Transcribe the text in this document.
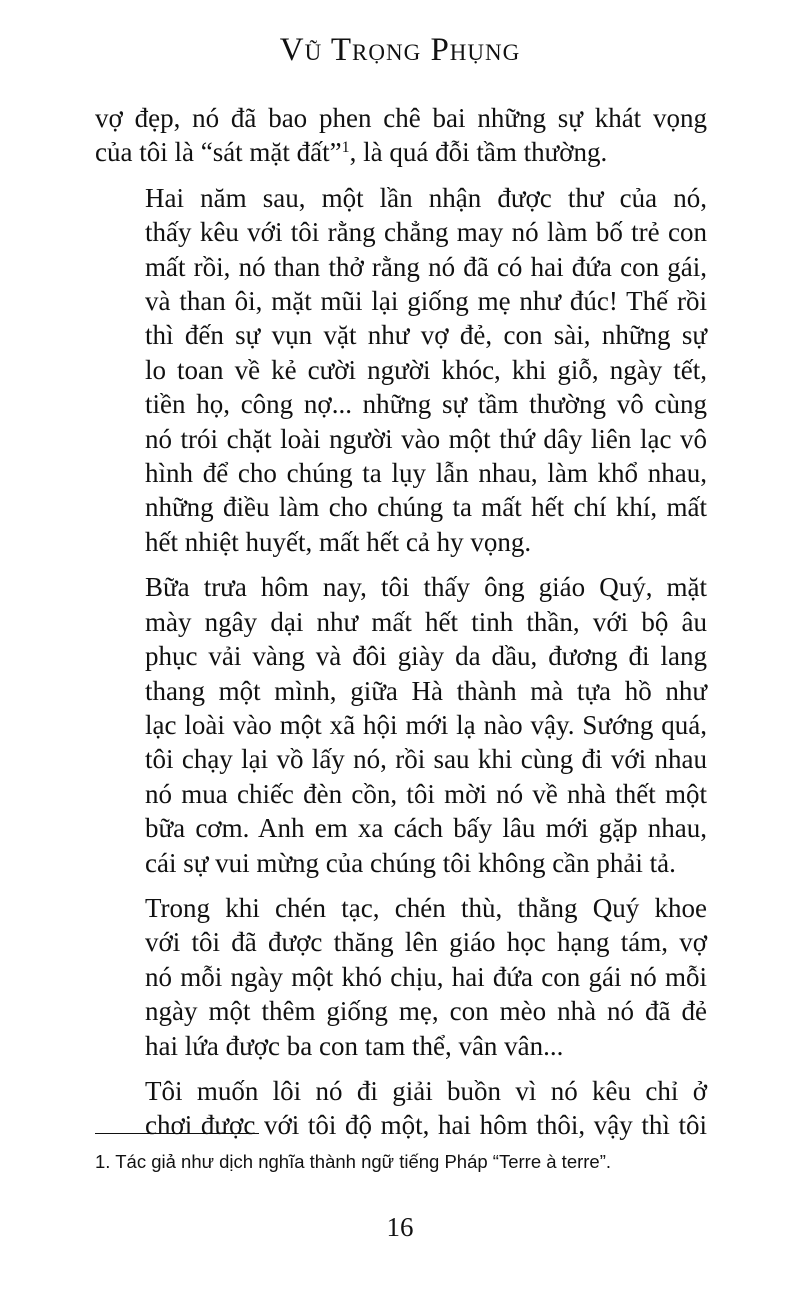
Vũ Trọng Phụng

vợ đẹp, nó đã bao phen chê bai những sự khát vọng
của tôi là “sát mặt đất”$^1$, là quá đỗi tầm thường.

Hai năm sau, một lần nhận được thư của nó,
thấy kêu với tôi rằng chẳng may nó làm bố trẻ con
mất rồi, nó than thở rằng nó đã có hai đứa con gái,
và than ôi, mặt mũi lại giống mẹ như đúc! Thế rồi
thì đến sự vụn vặt như vợ đẻ, con sài, những sự
lo toan về kẻ cười người khóc, khi giỗ, ngày tết,
tiền họ, công nợ... những sự tầm thường vô cùng
nó trói chặt loài người vào một thứ dây liên lạc vô
hình để cho chúng ta lụy lẫn nhau, làm khổ nhau,
những điều làm cho chúng ta mất hết chí khí, mất
hết nhiệt huyết, mất hết cả hy vọng.

Bữa trưa hôm nay, tôi thấy ông giáo Quý, mặt
mày ngây dại như mất hết tinh thần, với bộ âu
phục vải vàng và đôi giày da dầu, đương đi lang
thang một mình, giữa Hà thành mà tựa hồ như
lạc loài vào một xã hội mới lạ nào vậy. Sướng quá,
tôi chạy lại vồ lấy nó, rồi sau khi cùng đi với nhau
nó mua chiếc đèn cồn, tôi mời nó về nhà thết một
bữa cơm. Anh em xa cách bấy lâu mới gặp nhau,
cái sự vui mừng của chúng tôi không cần phải tả.

Trong khi chén tạc, chén thù, thằng Quý khoe
với tôi đã được thăng lên giáo học hạng tám, vợ
nó mỗi ngày một khó chịu, hai đứa con gái nó mỗi
ngày một thêm giống mẹ, con mèo nhà nó đã đẻ
hai lứa được ba con tam thể, vân vân...

Tôi muốn lôi nó đi giải buồn vì nó kêu chỉ ở
chơi được với tôi độ một, hai hôm thôi, vậy thì tôi

1. Tác giả như dịch nghĩa thành ngữ tiếng Pháp “Terre à terre”.
16
